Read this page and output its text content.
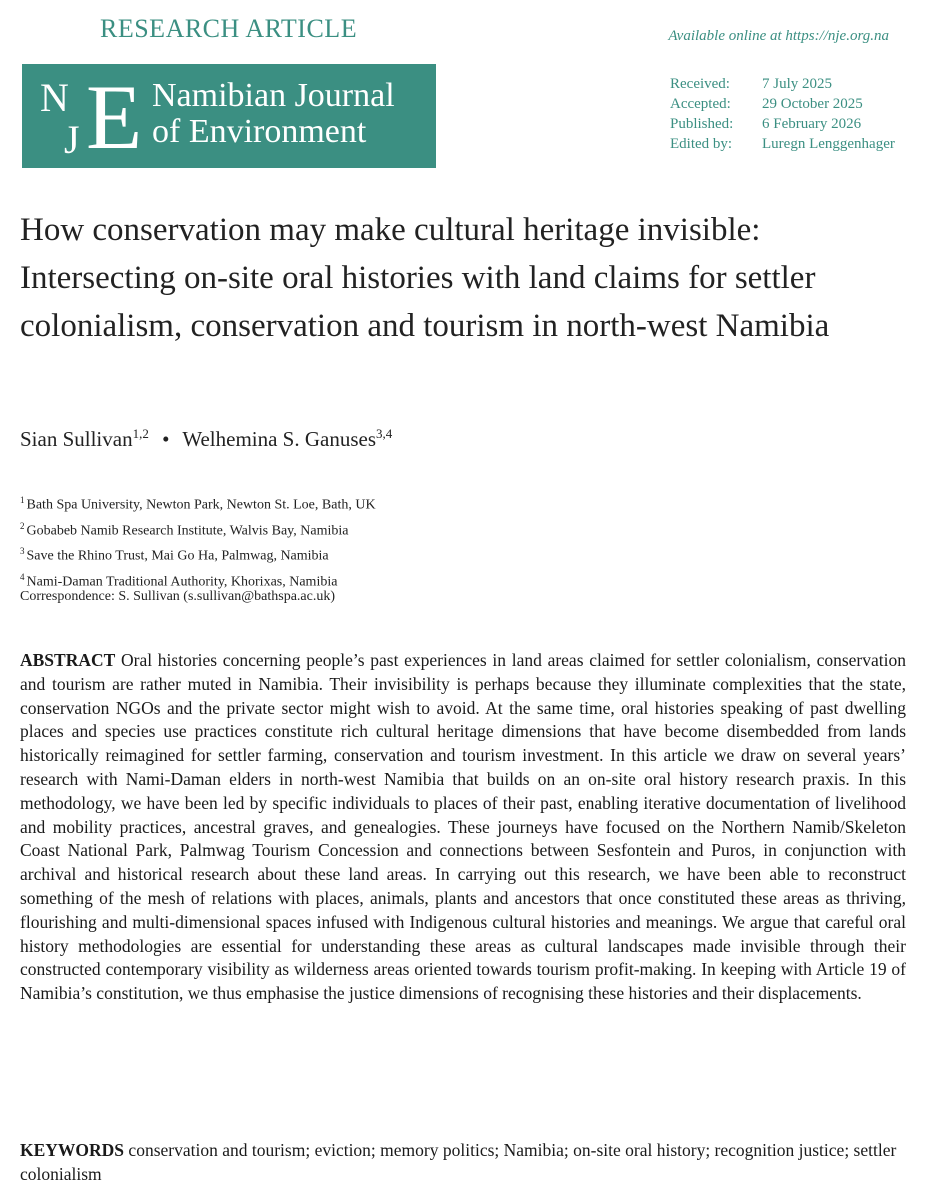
RESEARCH ARTICLE
N
J E Namibian Journal
of Environment
Available online at https://nje.org.na
Received:	7 July 2025
Accepted:	29 October 2025
Published:	6 February 2026
Edited by:	Luregn Lenggenhager
How conservation may make cultural heritage invisible: Intersecting on-site oral histories with land claims for settler colonialism, conservation and tourism in north-west Namibia
Sian Sullivan$^{1,2}$ • Welhemina S. Ganuses$^{3,4}$
$^1$ Bath Spa University, Newton Park, Newton St. Loe, Bath, UK
$^2$ Gobabeb Namib Research Institute, Walvis Bay, Namibia
$^3$ Save the Rhino Trust, Mai Go Ha, Palmwag, Namibia
$^4$ Nami-Daman Traditional Authority, Khorixas, Namibia
Correspondence: S. Sullivan (s.sullivan@bathspa.ac.uk)

ABSTRACT Oral histories concerning people’s past experiences in land areas claimed for settler colonialism, conservation and tourism are rather muted in Namibia. Their invisibility is perhaps because they illuminate complexities that the state, conservation NGOs and the private sector might wish to avoid. At the same time, oral histories speaking of past dwelling places and species use practices constitute rich cultural heritage dimensions that have become disembedded from lands historically reimagined for settler farming, conservation and tourism investment. In this article we draw on several years’ research with Nami-Daman elders in north-west Namibia that builds on an on-site oral history research praxis. In this methodology, we have been led by specific individuals to places of their past, enabling iterative documentation of livelihood and mobility practices, ancestral graves, and genealogies. These journeys have focused on the Northern Namib/Skeleton Coast National Park, Palmwag Tourism Concession and connections between Sesfontein and Puros, in conjunction with archival and historical research about these land areas. In carrying out this research, we have been able to reconstruct something of the mesh of relations with places, animals, plants and ancestors that once constituted these areas as thriving, flourishing and multi-dimensional spaces infused with Indigenous cultural histories and meanings. We argue that careful oral history methodologies are essential for understanding these areas as cultural landscapes made invisible through their constructed contemporary visibility as wilderness areas oriented towards tourism profit-making. In keeping with Article 19 of Namibia’s constitution, we thus emphasise the justice dimensions of recognising these histories and their displacements.

KEYWORDS conservation and tourism; eviction; memory politics; Namibia; on-site oral history; recognition justice; settler colonialism
